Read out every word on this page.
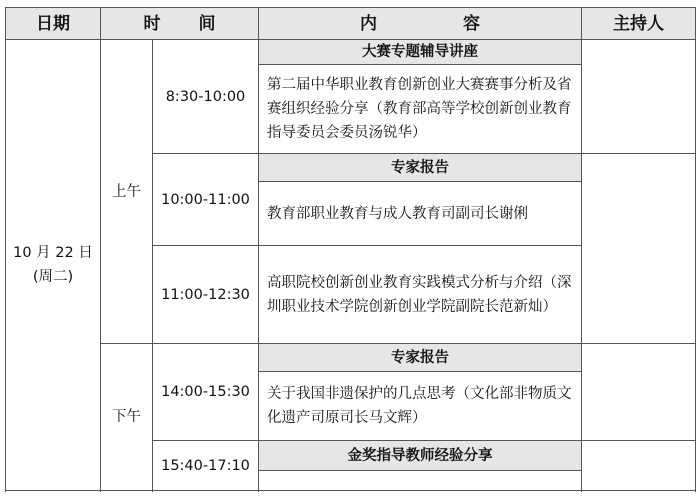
日期	时 间		内 容	主持人

10 月 22 日
(周二)	上午	8:30-10:00	大赛专题辅导讲座	
			第二届中华职业教育创新创业大赛赛事分析及省赛组织经验分享（教育部高等学校创新创业教育指导委员会委员汤锐华）	
		10:00-11:00	专家报告	
			教育部职业教育与成人教育司副司长谢俐	
		11:00-12:30	高职院校创新创业教育实践模式分析与介绍（深圳职业技术学院创新创业学院副院长范新灿）	

	下午	14:00-15:30	专家报告	
			关于我国非遗保护的几点思考（文化部非物质文化遗产司原司长马文辉）	
		15:40-17:10	金奖指导教师经验分享	
